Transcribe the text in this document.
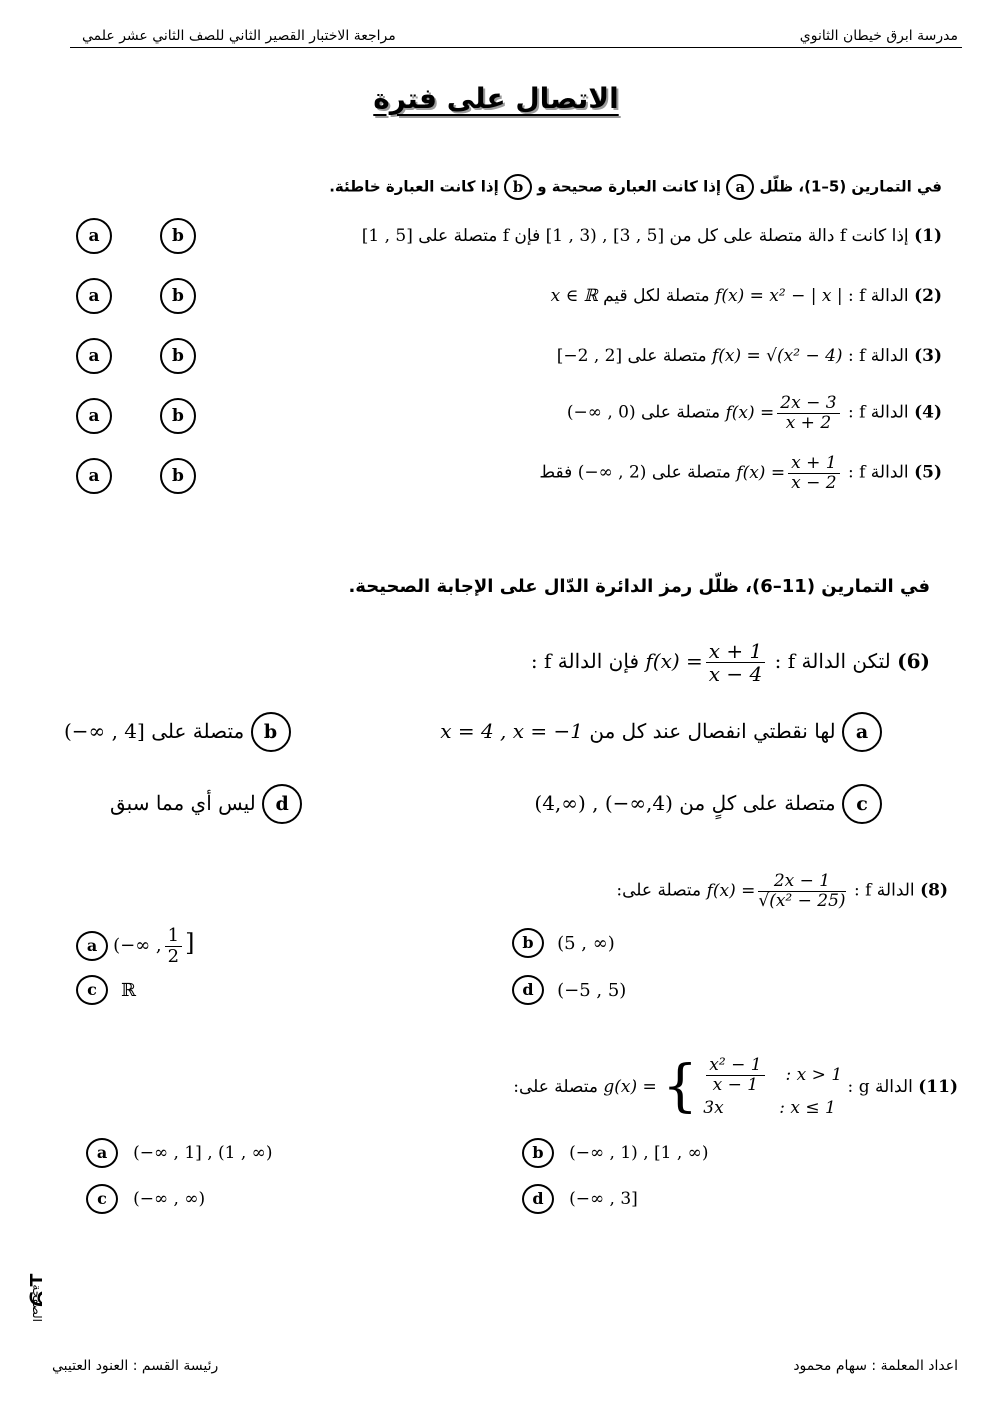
مدرسة ابرق خيطان الثانوي
مراجعة الاختبار القصير الثاني للصف الثاني عشر علمي
الاتصال على فترة
في التمارين (5–1)، ظلّل a إذا كانت العبارة صحيحة و b إذا كانت العبارة خاطئة.
a	b	(1) إذا كانت f دالة متصلة على كل من [5 , 3] , (3 , 1] فإن f متصلة على [5 , 1]
a	b	(2) الدالة f : f(x) = x² − | x | متصلة لكل قيم x ∈ ℝ
a	b	(3) الدالة f : f(x) = √(x² − 4) متصلة على [−2 , 2]
a	b	(4) الدالة f : $f(x) = \frac{2x - 3}{x + 2}$
متصلة على (−∞ , 0)
a	b	(5) الدالة f : $f(x) = \frac{x + 1}{x - 2}$
متصلة على (−∞ , 2) فقط
في التمارين (11–6)، ظلّل رمز الدائرة الدّال على الإجابة الصحيحة.
(6) لتكن الدالة f : $f(x) = \frac{x + 1}{x - 4}$
فإن الدالة f :
a لها نقطتي انفصال عند كل من x = 4 , x = −1
b متصلة على (−∞ , 4]
c متصلة على كلٍ من (4,∞) , (−∞,4)
d ليس أي مما سبق
(8) الدالة f : $f(x) = \frac{2x - 1}{\text{√(x² − 25)}}$
متصلة على:
a (−∞ , $\frac{1}{2}$ ]	b (5 , ∞)
c ℝ	d (−5 , 5)
(11) الدالة g : g(x) = { $\frac{\text{x² − 1}}{x - 1}$ : x > 1
3x	: x ≤ 1
متصلة على:
a (−∞ , 1] , (1 , ∞)	b (−∞ , 1) , [1 , ∞)
c (−∞ , ∞)	d (−∞ , 3]
19
الصفحة
اعداد المعلمة : سهام محمود
رئيسة القسم : العنود العتيبي
